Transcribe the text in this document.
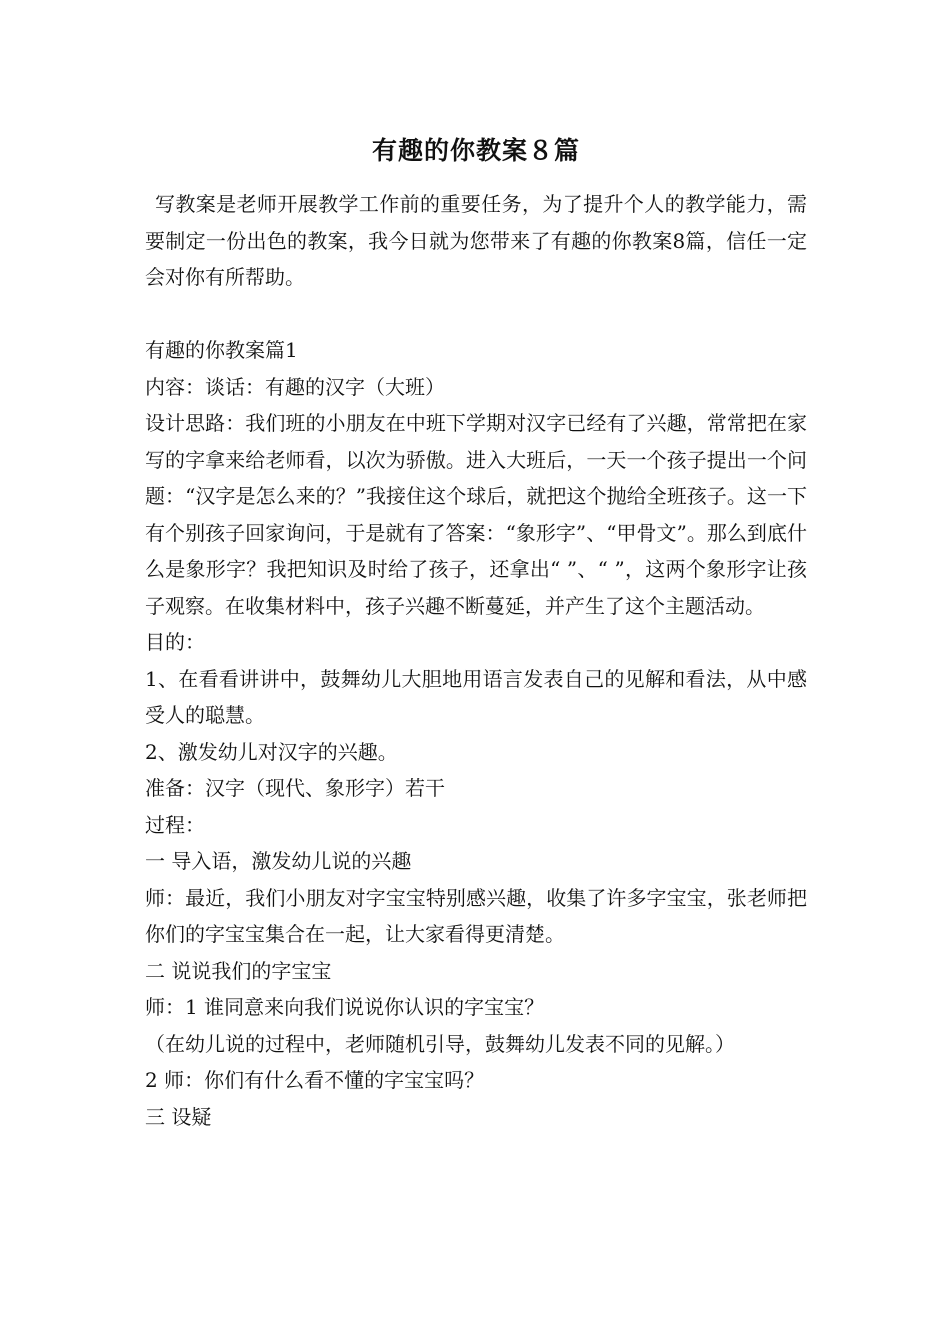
有趣的你教案８篇

写教案是老师开展教学工作前的重要任务，为了提升个人的教学能力，需要制定一份出色的教案，我今日就为您带来了有趣的你教案8篇，信任一定会对你有所帮助。

有趣的你教案篇1

内容：谈话：有趣的汉字（大班）

设计思路：我们班的小朋友在中班下学期对汉字已经有了兴趣，常常把在家写的字拿来给老师看，以次为骄傲。进入大班后，一天一个孩子提出一个问题：“汉字是怎么来的？”我接住这个球后，就把这个抛给全班孩子。这一下有个别孩子回家询问，于是就有了答案：“象形字”、“甲骨文”。那么到底什么是象形字？我把知识及时给了孩子，还拿出“ ”、“ ”，这两个象形字让孩子观察。在收集材料中，孩子兴趣不断蔓延，并产生了这个主题活动。

目的：

1、在看看讲讲中，鼓舞幼儿大胆地用语言发表自己的见解和看法，从中感受人的聪慧。

2、激发幼儿对汉字的兴趣。

准备：汉字（现代、象形字）若干

过程：

一 导入语，激发幼儿说的兴趣

师：最近，我们小朋友对字宝宝特别感兴趣，收集了许多字宝宝，张老师把你们的字宝宝集合在一起，让大家看得更清楚。

二 说说我们的字宝宝

师：1 谁同意来向我们说说你认识的字宝宝？

（在幼儿说的过程中，老师随机引导，鼓舞幼儿发表不同的见解。）

2 师：你们有什么看不懂的字宝宝吗？

三 设疑
